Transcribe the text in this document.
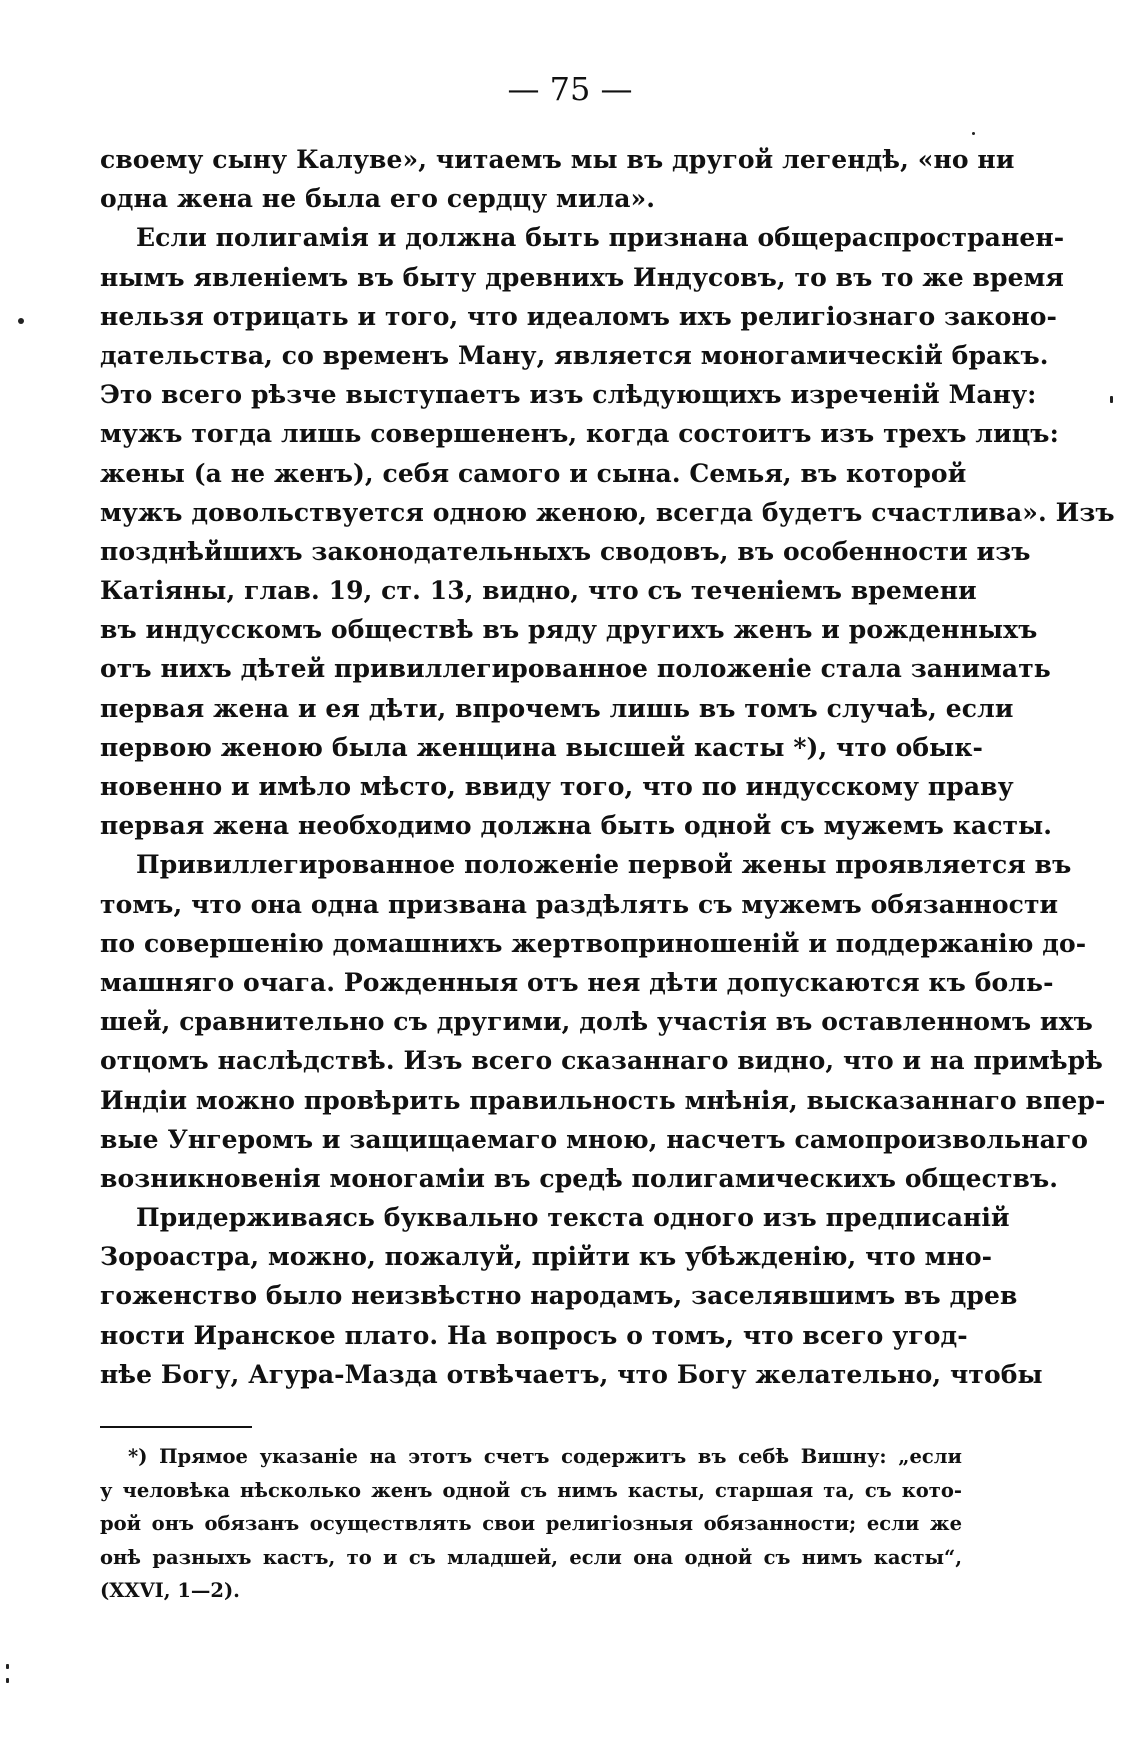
— 75 —
своему сыну Калуве», читаемъ мы въ другой легендѣ, «но ни
одна жена не была его сердцу мила».
Если полигамія и должна быть признана общераспространен-
нымъ явленіемъ въ быту древнихъ Индусовъ, то въ то же время
нельзя отрицать и того, что идеаломъ ихъ религіознаго законо-
дательства, со временъ Ману, является моногамическій бракъ.
Это всего рѣзче выступаетъ изъ слѣдующихъ изреченій Ману:
мужъ тогда лишь совершененъ, когда состоитъ изъ трехъ лицъ:
жены (а не женъ), себя самого и сына. Семья, въ которой
мужъ довольствуется одною женою, всегда будетъ счастлива». Изъ
позднѣйшихъ законодательныхъ сводовъ, въ особенности изъ
Катіяны, глав. 19, ст. 13, видно, что съ теченіемъ времени
въ индусскомъ обществѣ въ ряду другихъ женъ и рожденныхъ
отъ нихъ дѣтей привиллегированное положеніе стала занимать
первая жена и ея дѣти, впрочемъ лишь въ томъ случаѣ, если
первою женою была женщина высшей касты *), что обык-
новенно и имѣло мѣсто, ввиду того, что по индусскому праву
первая жена необходимо должна быть одной съ мужемъ касты.
Привиллегированное положеніе первой жены проявляется въ
томъ, что она одна призвана раздѣлять съ мужемъ обязанности
по совершенію домашнихъ жертвоприношеній и поддержанію до-
машняго очага. Рожденныя отъ нея дѣти допускаются къ боль-
шей, сравнительно съ другими, долѣ участія въ оставленномъ ихъ
отцомъ наслѣдствѣ. Изъ всего сказаннаго видно, что и на примѣрѣ
Индіи можно провѣрить правильность мнѣнія, высказаннаго впер-
вые Унгеромъ и защищаемаго мною, насчетъ самопроизвольнаго
возникновенія моногаміи въ средѣ полигамическихъ обществъ.
Придерживаясь буквально текста одного изъ предписаній
Зороастра, можно, пожалуй, прійти къ убѣжденію, что мно-
гоженство было неизвѣстно народамъ, заселявшимъ въ древ
ности Иранское плато. На вопросъ о томъ, что всего угод-
нѣе Богу, Агура-Мазда отвѣчаетъ, что Богу желательно, чтобы
*) Прямое указаніе на этотъ счетъ содержитъ въ себѣ Вишну: „если
у человѣка нѣсколько женъ одной съ нимъ касты, старшая та, съ кото-
рой онъ обязанъ осуществлять свои религіозныя обязанности; если же
онѣ разныхъ кастъ, то и съ младшей, если она одной съ нимъ касты“,
(XXVI, 1—2).
